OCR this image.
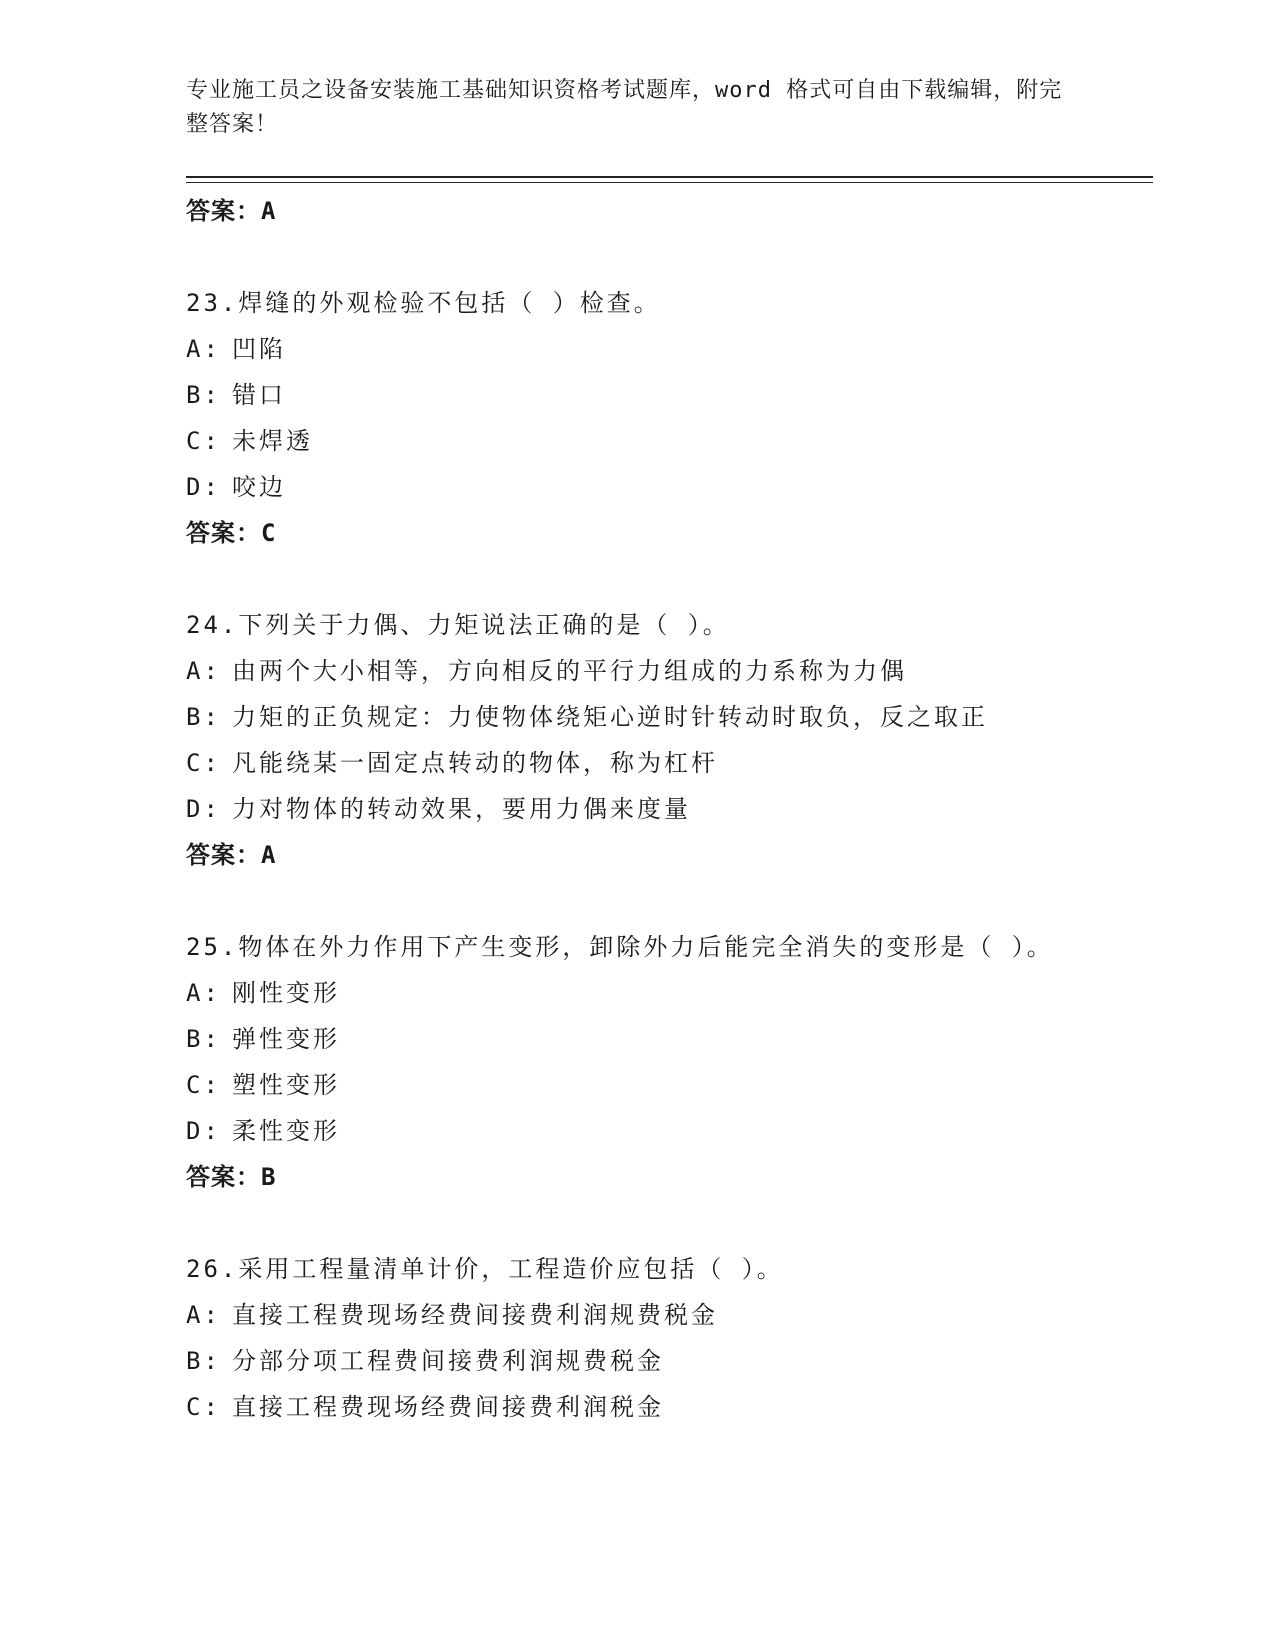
专业施工员之设备安装施工基础知识资格考试题库，word 格式可自由下载编辑，附完整答案！
答案：A
23.焊缝的外观检验不包括（ ）检查。
A: 凹陷
B: 错口
C: 未焊透
D: 咬边
答案：C
24.下列关于力偶、力矩说法正确的是（ ）。
A: 由两个大小相等，方向相反的平行力组成的力系称为力偶
B: 力矩的正负规定：力使物体绕矩心逆时针转动时取负，反之取正
C: 凡能绕某一固定点转动的物体，称为杠杆
D: 力对物体的转动效果，要用力偶来度量
答案：A
25.物体在外力作用下产生变形，卸除外力后能完全消失的变形是（ ）。
A: 刚性变形
B: 弹性变形
C: 塑性变形
D: 柔性变形
答案：B
26.采用工程量清单计价，工程造价应包括（ ）。
A: 直接工程费现场经费间接费利润规费税金
B: 分部分项工程费间接费利润规费税金
C: 直接工程费现场经费间接费利润税金
